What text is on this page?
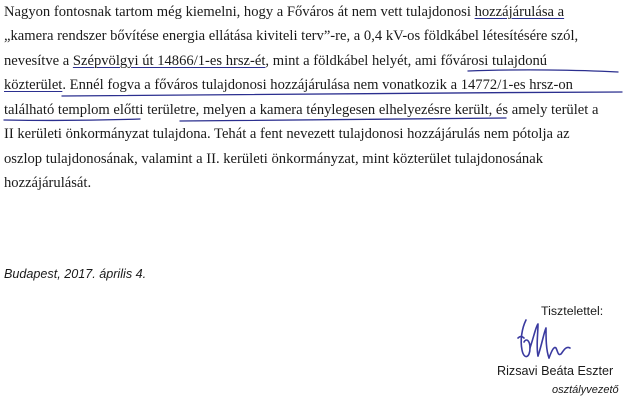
Nagyon fontosnak tartom még kiemelni, hogy a Főváros át nem vett tulajdonosi hozzájárulása a
„kamera rendszer bővítése energia ellátása kiviteli terv”-re, a 0,4 kV-os földkábel létesítésére szól,
nevesítve a Szépvölgyi út 14866/1-es hrsz-ét, mint a földkábel helyét, ami fővárosi tulajdonú
közterület. Ennél fogva a főváros tulajdonosi hozzájárulása nem vonatkozik a 14772/1-es hrsz-on
található templom előtti területre, melyen a kamera ténylegesen elhelyezésre került, és amely terület a
II kerületi önkormányzat tulajdona. Tehát a fent nevezett tulajdonosi hozzájárulás nem pótolja az
oszlop tulajdonosának, valamint a II. kerületi önkormányzat, mint közterület tulajdonosának
hozzájárulását.
Budapest, 2017. április 4.
Tisztelettel:
Rizsavi Beáta Eszter
osztályvezető
